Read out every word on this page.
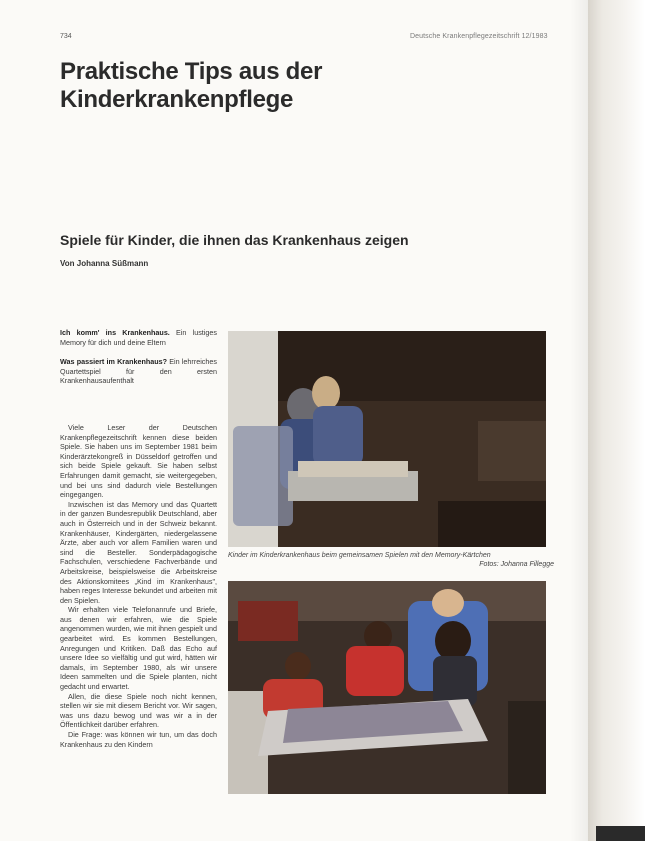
734	Deutsche Krankenpflegezeitschrift 12/1983
Praktische Tips aus der
Kinderkrankenpflege
Spiele für Kinder, die ihnen das Krankenhaus zeigen
Von Johanna Süßmann
Ich komm' ins Krankenhaus. Ein lustiges Memory für dich und deine Eltern
Was passiert im Krankenhaus? Ein lehrreiches Quartettspiel für den ersten Krankenhausaufenthalt

Viele Leser der Deutschen Krankenpflegezeitschrift kennen diese beiden Spiele. Sie haben uns im September 1981 beim Kinderärztekongreß in Düsseldorf getroffen und sich beide Spiele gekauft. Sie haben selbst Erfahrungen damit gemacht, sie weitergegeben, und bei uns sind dadurch viele Bestellungen eingegangen.

Inzwischen ist das Memory und das Quartett in der ganzen Bundesrepublik Deutschland, aber auch in Österreich und in der Schweiz bekannt. Krankenhäuser, Kindergärten, niedergelassene Ärzte, aber auch vor allem Familien waren und sind die Besteller. Sonderpädagogische Fachschulen, verschiedene Fachverbände und Arbeitskreise, beispielsweise die Arbeitskreise des Aktionskomitees „Kind im Krankenhaus", haben reges Interesse bekundet und arbeiten mit den Spielen.

Wir erhalten viele Telefonanrufe und Briefe, aus denen wir erfahren, wie die Spiele angenommen wurden, wie mit ihnen gespielt und gearbeitet wird. Es kommen Bestellungen, Anregungen und Kritiken. Daß das Echo auf unsere Idee so vielfältig und gut wird, hätten wir damals, im September 1980, als wir unsere Ideen sammelten und die Spiele planten, nicht gedacht und erwartet.

Allen, die diese Spiele noch nicht kennen, stellen wir sie mit diesem Bericht vor. Wir sagen, was uns dazu bewog und was wir a in der Öffentlichkeit darüber erfahren.

Die Frage: was können wir tun, um das doch Krankenhaus zu den Kindern

Kinder im Kinderkrankenhaus beim gemeinsamen Spielen mit den Memory-Kärtchen
Fotos: Johanna Fillegge
